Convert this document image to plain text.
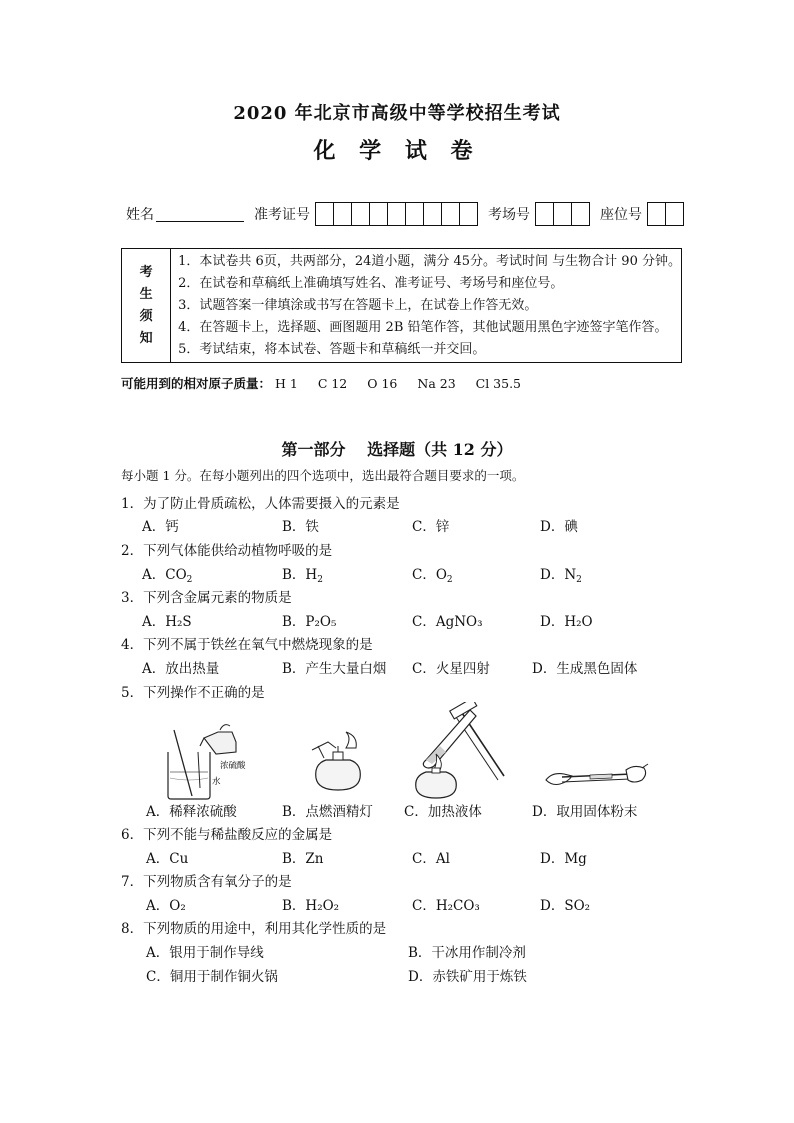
2020 年北京市高级中等学校招生考试
化 学 试 卷
姓名	准考证号	考场号	座位号
考
生
须
知
1．本试卷共 6页，共两部分，24道小题，满分 45分。考试时间 与生物合计 90 分钟。
2．在试卷和草稿纸上准确填写姓名、准考证号、考场号和座位号。
3．试题答案一律填涂或书写在答题卡上，在试卷上作答无效。
4．在答题卡上，选择题、画图题用 2B 铅笔作答，其他试题用黑色字迹签字笔作答。
5．考试结束，将本试卷、答题卡和草稿纸一并交回。
可能用到的相对原子质量： H 1 C 12 O 16 Na 23 Cl 35.5
第一部分　 选择题（共 12 分）
每小题 1 分。在每小题列出的四个选项中，选出最符合题目要求的一项。
1．为了防止骨质疏松，人体需要摄入的元素是
A．钙	B．铁	C．锌	D．碘
2．下列气体能供给动植物呼吸的是
A．$CO_2$	B．$H_2$	C．$O_2$	D．$N_2$
3．下列含金属元素的物质是
A．H₂S	B．P₂O₅	C．AgNO₃	D．H₂O
4．下列不属于铁丝在氧气中燃烧现象的是
A．放出热量	B．产生大量白烟 C．火星四射	D．生成黑色固体
5．下列操作不正确的是
浓硫酸
水
A．稀释浓硫酸	B．点燃酒精灯 C．加热液体	D．取用固体粉末
6．下列不能与稀盐酸反应的金属是
A．Cu	B．Zn	C．Al	D．Mg
7．下列物质含有氧分子的是
A．O₂	B．H₂O₂	C．H₂CO₃	D．SO₂
8．下列物质的用途中，利用其化学性质的是
A．银用于制作导线	B．干冰用作制冷剂
C．铜用于制作铜火锅	D．赤铁矿用于炼铁
